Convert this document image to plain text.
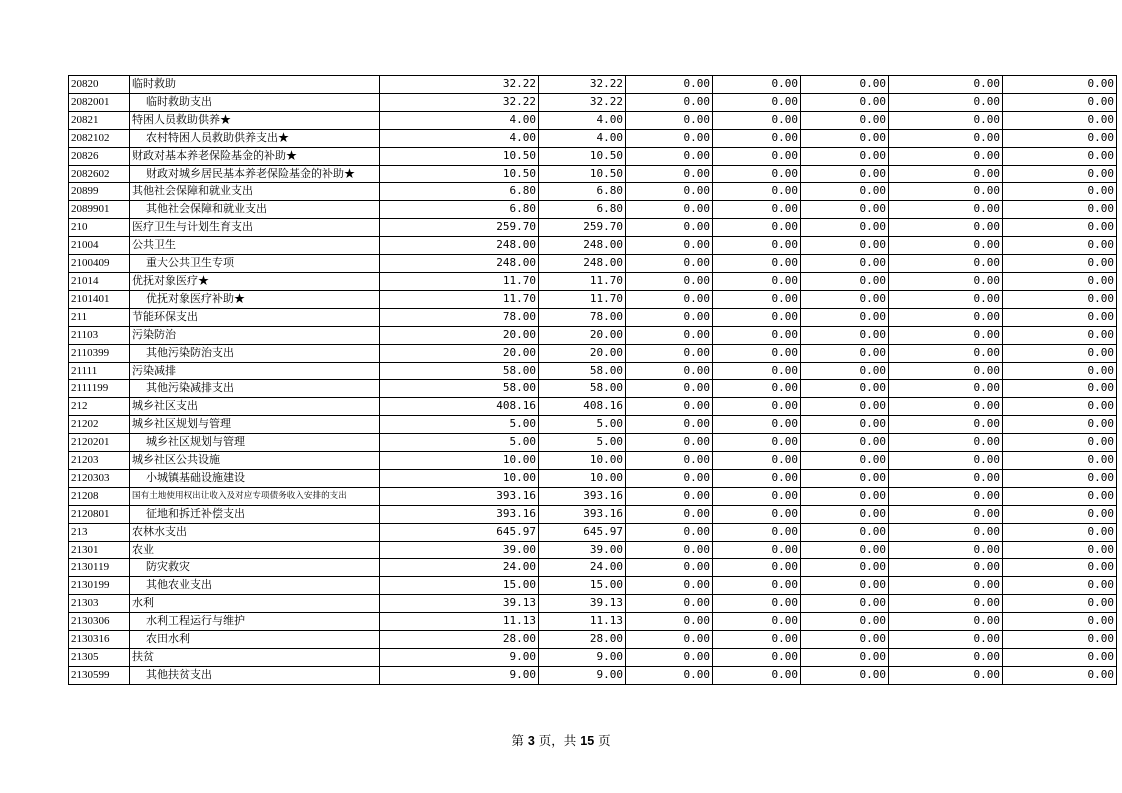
20820	临时救助	32.22	32.22	0.00	0.00	0.00	0.00	0.00
2082001	临时救助支出	32.22	32.22	0.00	0.00	0.00	0.00	0.00
20821	特困人员救助供养★	4.00	4.00	0.00	0.00	0.00	0.00	0.00
2082102	农村特困人员救助供养支出★	4.00	4.00	0.00	0.00	0.00	0.00	0.00
20826	财政对基本养老保险基金的补助★	10.50	10.50	0.00	0.00	0.00	0.00	0.00
2082602	财政对城乡居民基本养老保险基金的补助★	10.50	10.50	0.00	0.00	0.00	0.00	0.00
20899	其他社会保障和就业支出	6.80	6.80	0.00	0.00	0.00	0.00	0.00
2089901	其他社会保障和就业支出	6.80	6.80	0.00	0.00	0.00	0.00	0.00
210	医疗卫生与计划生育支出	259.70	259.70	0.00	0.00	0.00	0.00	0.00
21004	公共卫生	248.00	248.00	0.00	0.00	0.00	0.00	0.00
2100409	重大公共卫生专项	248.00	248.00	0.00	0.00	0.00	0.00	0.00
21014	优抚对象医疗★	11.70	11.70	0.00	0.00	0.00	0.00	0.00
2101401	优抚对象医疗补助★	11.70	11.70	0.00	0.00	0.00	0.00	0.00
211	节能环保支出	78.00	78.00	0.00	0.00	0.00	0.00	0.00
21103	污染防治	20.00	20.00	0.00	0.00	0.00	0.00	0.00
2110399	其他污染防治支出	20.00	20.00	0.00	0.00	0.00	0.00	0.00
21111	污染减排	58.00	58.00	0.00	0.00	0.00	0.00	0.00
2111199	其他污染减排支出	58.00	58.00	0.00	0.00	0.00	0.00	0.00
212	城乡社区支出	408.16	408.16	0.00	0.00	0.00	0.00	0.00
21202	城乡社区规划与管理	5.00	5.00	0.00	0.00	0.00	0.00	0.00
2120201	城乡社区规划与管理	5.00	5.00	0.00	0.00	0.00	0.00	0.00
21203	城乡社区公共设施	10.00	10.00	0.00	0.00	0.00	0.00	0.00
2120303	小城镇基础设施建设	10.00	10.00	0.00	0.00	0.00	0.00	0.00
21208	国有土地使用权出让收入及对应专项债务收入安排的支出	393.16	393.16	0.00	0.00	0.00	0.00	0.00
2120801	征地和拆迁补偿支出	393.16	393.16	0.00	0.00	0.00	0.00	0.00
213	农林水支出	645.97	645.97	0.00	0.00	0.00	0.00	0.00
21301	农业	39.00	39.00	0.00	0.00	0.00	0.00	0.00
2130119	防灾救灾	24.00	24.00	0.00	0.00	0.00	0.00	0.00
2130199	其他农业支出	15.00	15.00	0.00	0.00	0.00	0.00	0.00
21303	水利	39.13	39.13	0.00	0.00	0.00	0.00	0.00
2130306	水利工程运行与维护	11.13	11.13	0.00	0.00	0.00	0.00	0.00
2130316	农田水利	28.00	28.00	0.00	0.00	0.00	0.00	0.00
21305	扶贫	9.00	9.00	0.00	0.00	0.00	0.00	0.00
2130599	其他扶贫支出	9.00	9.00	0.00	0.00	0.00	0.00	0.00
第 3 页，共 15 页
